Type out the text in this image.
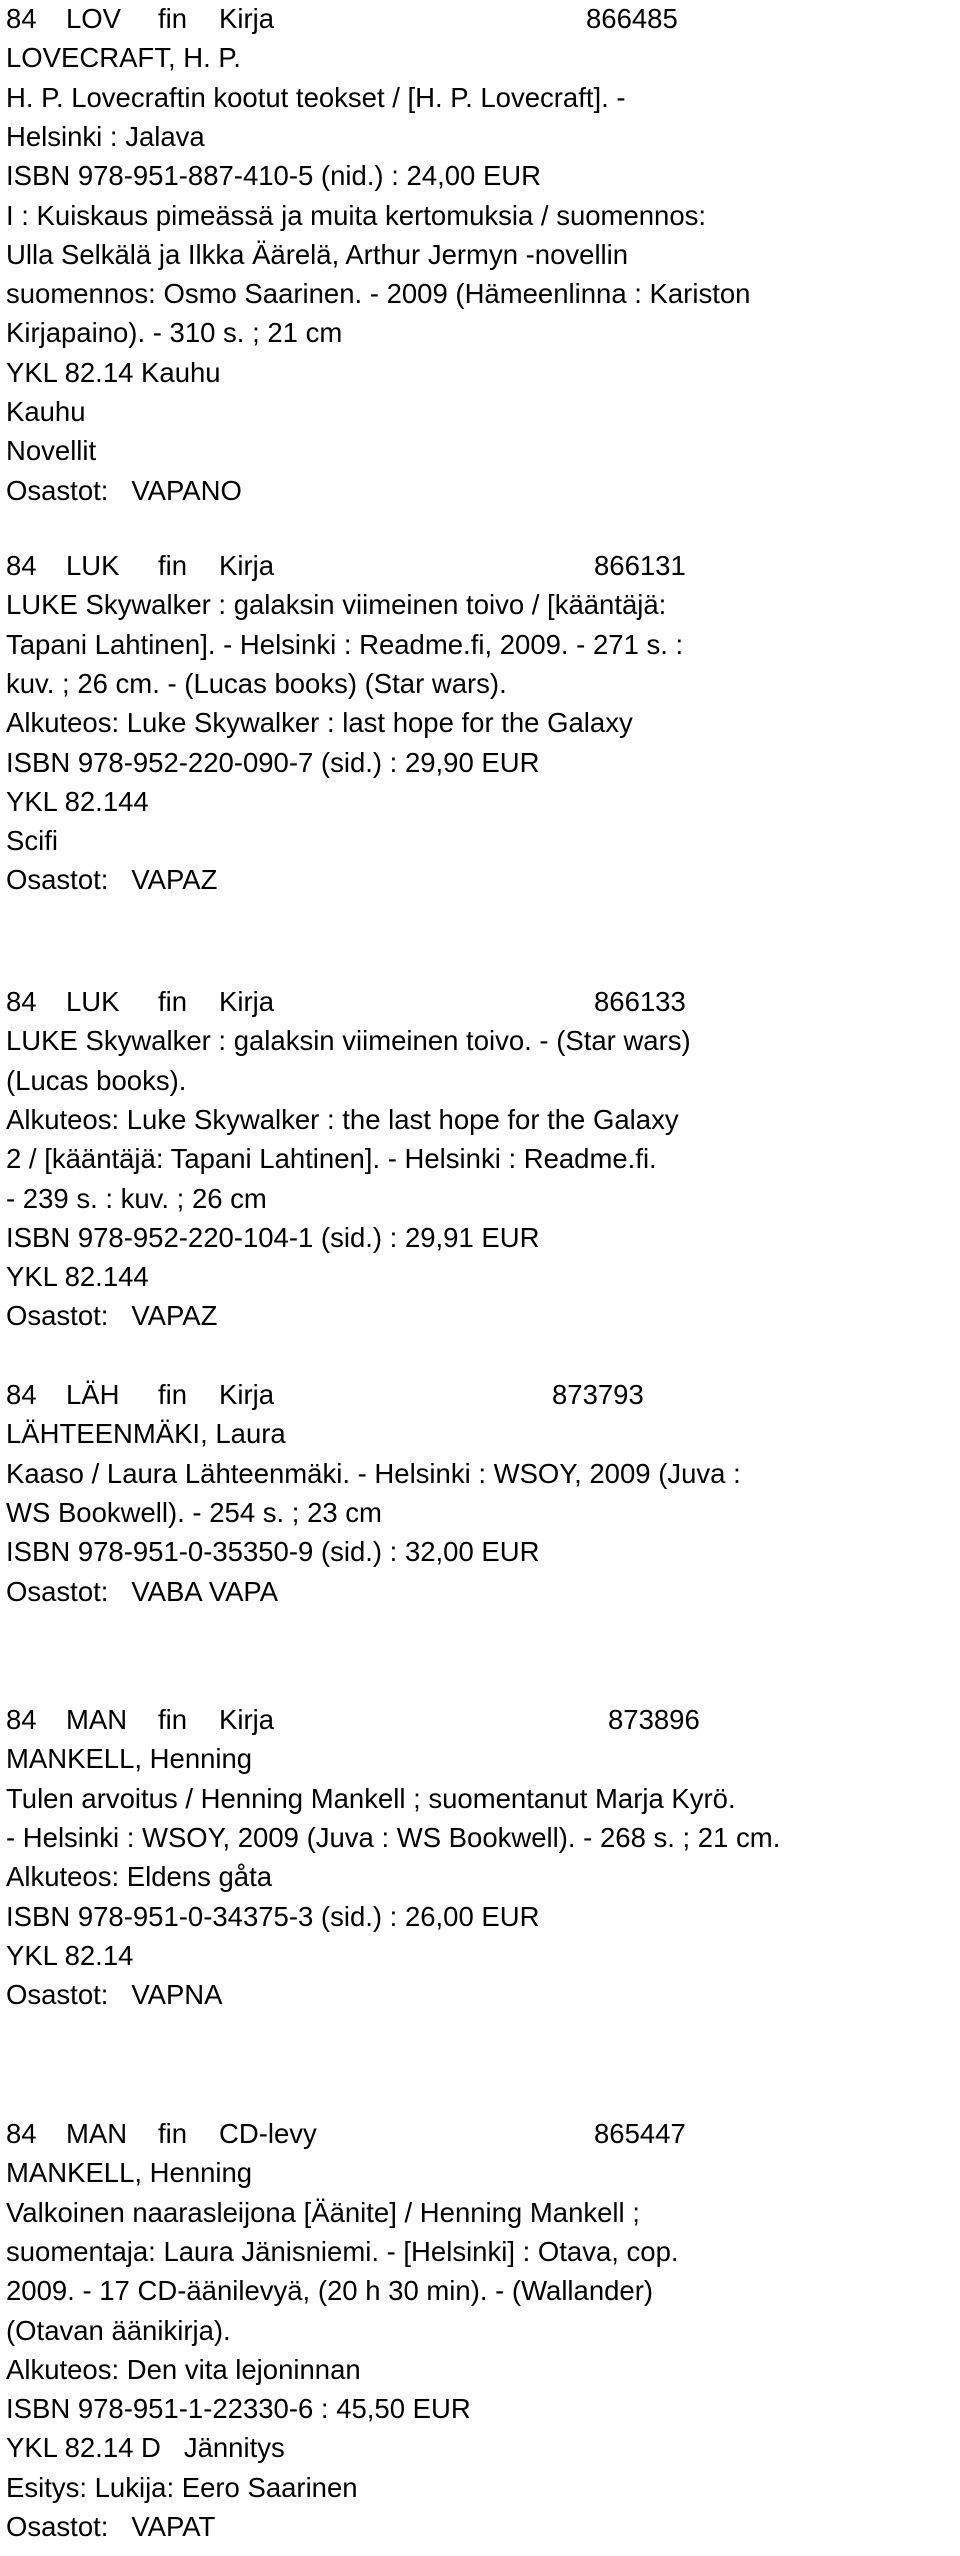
84 LOV fin Kirja	866485
LOVECRAFT, H. P.
H. P. Lovecraftin kootut teokset / [H. P. Lovecraft]. -
Helsinki : Jalava
ISBN 978-951-887-410-5 (nid.) : 24,00 EUR
I : Kuiskaus pimeässä ja muita kertomuksia / suomennos:
Ulla Selkälä ja Ilkka Äärelä, Arthur Jermyn -novellin
suomennos: Osmo Saarinen. - 2009 (Hämeenlinna : Kariston
Kirjapaino). - 310 s. ; 21 cm
YKL 82.14 Kauhu
Kauhu
Novellit
Osastot:   VAPANO
84 LUK fin Kirja	866131
LUKE Skywalker : galaksin viimeinen toivo / [kääntäjä:
Tapani Lahtinen]. - Helsinki : Readme.fi, 2009. - 271 s. :
kuv. ; 26 cm. - (Lucas books) (Star wars).
Alkuteos: Luke Skywalker : last hope for the Galaxy
ISBN 978-952-220-090-7 (sid.) : 29,90 EUR
YKL 82.144
Scifi
Osastot:   VAPAZ
84 LUK fin Kirja	866133
LUKE Skywalker : galaksin viimeinen toivo. - (Star wars)
(Lucas books).
Alkuteos: Luke Skywalker : the last hope for the Galaxy
2 / [kääntäjä: Tapani Lahtinen]. - Helsinki : Readme.fi.
- 239 s. : kuv. ; 26 cm
ISBN 978-952-220-104-1 (sid.) : 29,91 EUR
YKL 82.144
Osastot:   VAPAZ
84 LÄH fin Kirja	873793
LÄHTEENMÄKI, Laura
Kaaso / Laura Lähteenmäki. - Helsinki : WSOY, 2009 (Juva :
WS Bookwell). - 254 s. ; 23 cm
ISBN 978-951-0-35350-9 (sid.) : 32,00 EUR
Osastot:   VABA VAPA
84 MAN fin Kirja	873896
MANKELL, Henning
Tulen arvoitus / Henning Mankell ; suomentanut Marja Kyrö.
- Helsinki : WSOY, 2009 (Juva : WS Bookwell). - 268 s. ; 21 cm.
Alkuteos: Eldens gåta
ISBN 978-951-0-34375-3 (sid.) : 26,00 EUR
YKL 82.14
Osastot:   VAPNA
84 MAN fin CD-levy	865447
MANKELL, Henning
Valkoinen naarasleijona [Äänite] / Henning Mankell ;
suomentaja: Laura Jänisniemi. - [Helsinki] : Otava, cop.
2009. - 17 CD-äänilevyä, (20 h 30 min). - (Wallander)
(Otavan äänikirja).
Alkuteos: Den vita lejoninnan
ISBN 978-951-1-22330-6 : 45,50 EUR
YKL 82.14 D   Jännitys
Esitys: Lukija: Eero Saarinen
Osastot:   VAPAT
